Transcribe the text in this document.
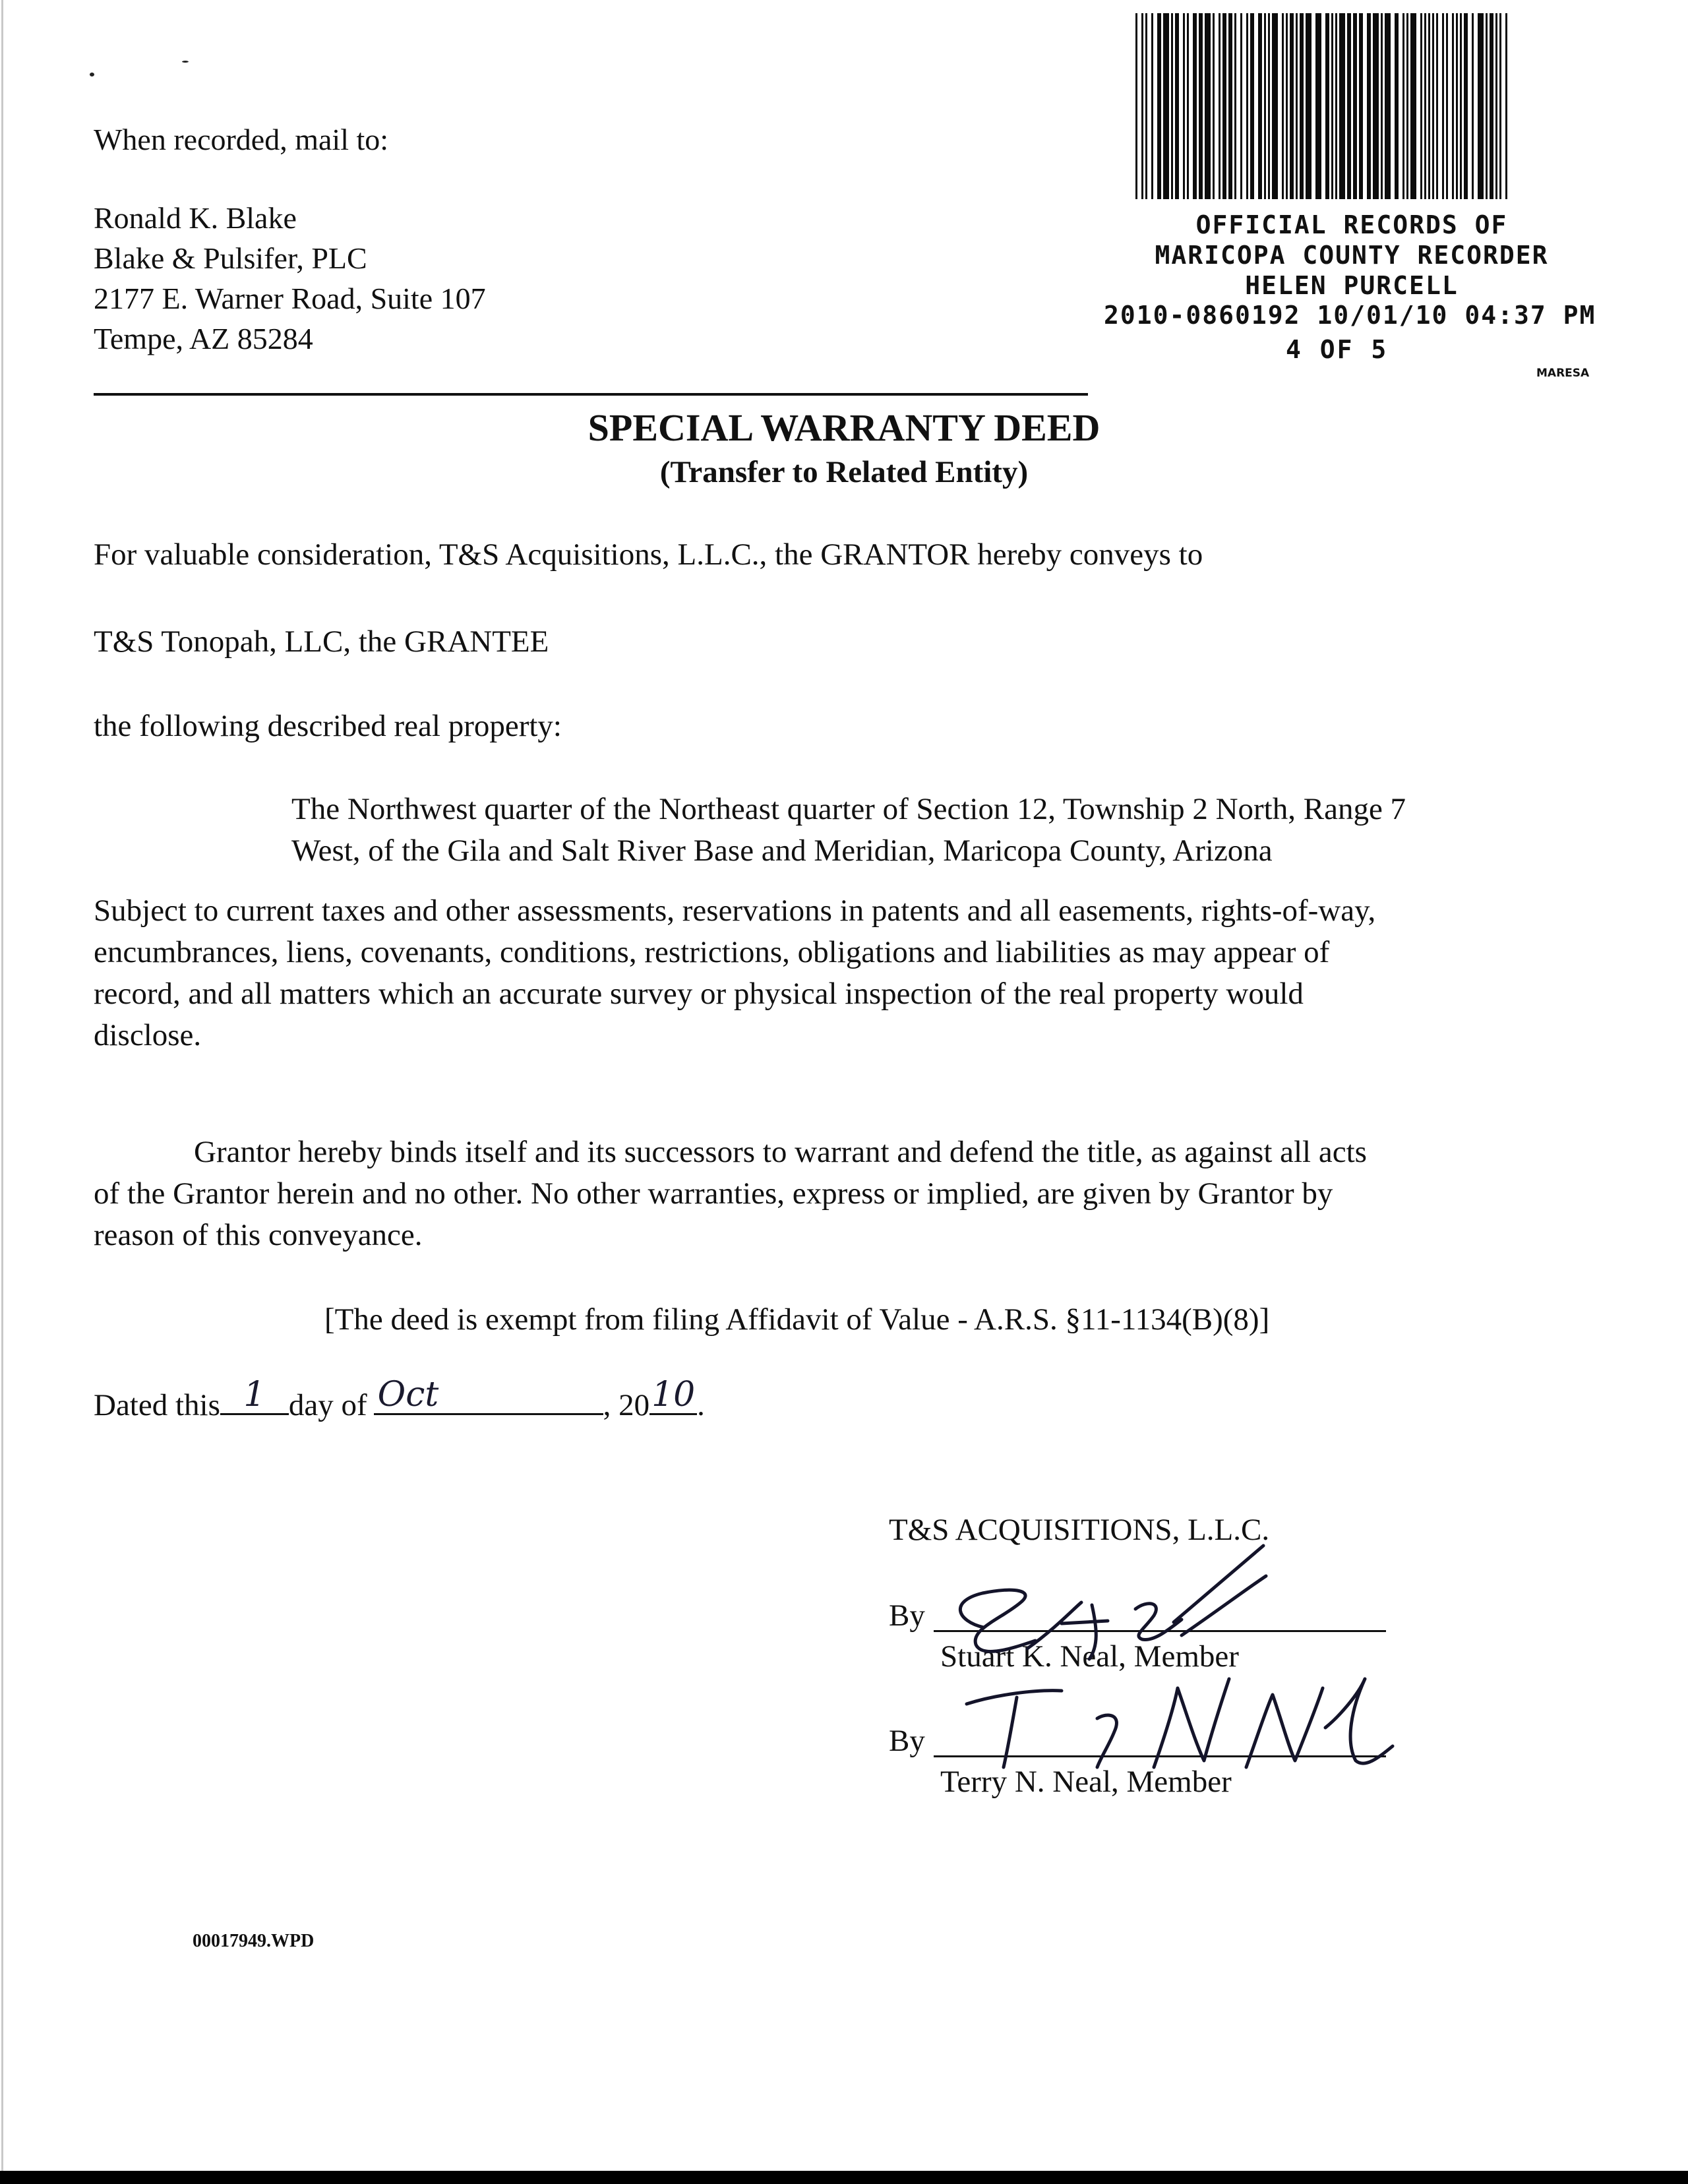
When recorded, mail to:
Ronald K. Blake
Blake & Pulsifer, PLC
2177 E. Warner Road, Suite 107
Tempe, AZ 85284
OFFICIAL RECORDS OF
MARICOPA COUNTY RECORDER
HELEN PURCELL
2010-0860192 10/01/10 04:37 PM
4 OF 5
MARESA
SPECIAL WARRANTY DEED
(Transfer to Related Entity)
For valuable consideration, T&S Acquisitions, L.L.C., the GRANTOR hereby conveys to
T&S Tonopah, LLC, the GRANTEE
the following described real property:
The Northwest quarter of the Northeast quarter of Section 12, Township 2 North, Range 7
West, of the Gila and Salt River Base and Meridian, Maricopa County, Arizona
Subject to current taxes and other assessments, reservations in patents and all easements, rights-of-way,
encumbrances, liens, covenants, conditions, restrictions, obligations and liabilities as may appear of
record, and all matters which an accurate survey or physical inspection of the real property would
disclose.
Grantor hereby binds itself and its successors to warrant and defend the title, as against all acts
of the Grantor herein and no other. No other warranties, express or implied, are given by Grantor by
reason of this conveyance.
[The deed is exempt from filing Affidavit of Value - A.R.S. §11-1134(B)(8)]
Dated this 1 day of Oct	, 20 10 .
T&S ACQUISITIONS, L.L.C.
By
Stuart K. Neal, Member
By
Terry N. Neal, Member
00017949.WPD
